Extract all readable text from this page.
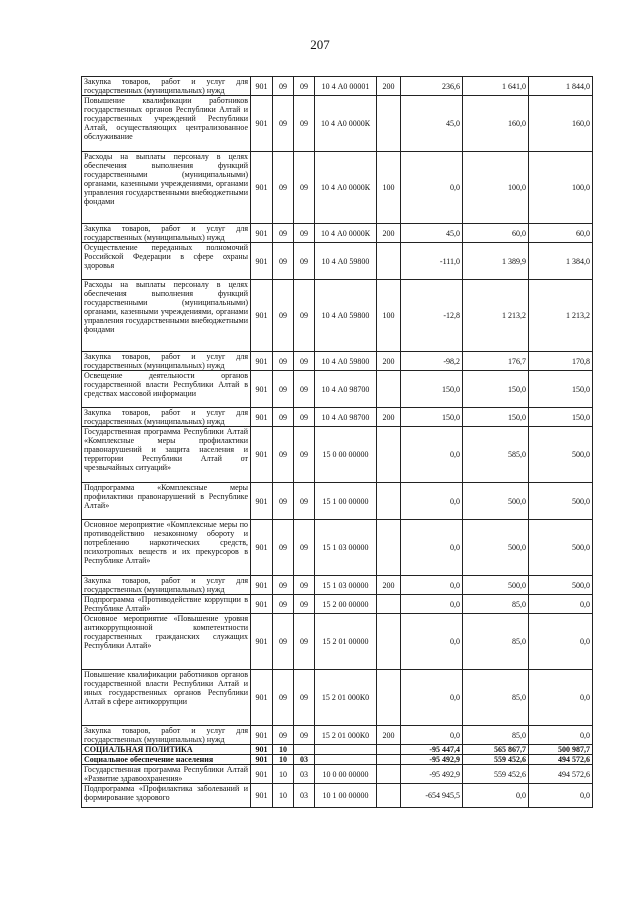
207
Закупка товаров, работ и услуг для государственных (муниципальных) нужд	901	09	09	10 4 А0 00001	200	236,6	1 641,0	1 844,0
Повышение квалификации работников государственных органов Республики Алтай и государственных учреждений Республики Алтай, осуществляющих централизованное обслуживание	901	09	09	10 4 А0 0000К		45,0	160,0	160,0
Расходы на выплаты персоналу в целях обеспечения выполнения функций государственными (муниципальными) органами, казенными учреждениями, органами управления государственными внебюджетными фондами	901	09	09	10 4 А0 0000К	100	0,0	100,0	100,0
Закупка товаров, работ и услуг для государственных (муниципальных) нужд	901	09	09	10 4 А0 0000К	200	45,0	60,0	60,0
Осуществление переданных полномочий Российской Федерации в сфере охраны здоровья	901	09	09	10 4 А0 59800		-111,0	1 389,9	1 384,0
Расходы на выплаты персоналу в целях обеспечения выполнения функций государственными (муниципальными) органами, казенными учреждениями, органами управления государственными внебюджетными фондами	901	09	09	10 4 А0 59800	100	-12,8	1 213,2	1 213,2
Закупка товаров, работ и услуг для государственных (муниципальных) нужд	901	09	09	10 4 А0 59800	200	-98,2	176,7	170,8
Освещение деятельности органов государственной власти Республики Алтай в средствах массовой информации	901	09	09	10 4 А0 98700		150,0	150,0	150,0
Закупка товаров, работ и услуг для государственных (муниципальных) нужд	901	09	09	10 4 А0 98700	200	150,0	150,0	150,0
Государственная программа Республики Алтай «Комплексные меры профилактики правонарушений и защита населения и территории Республики Алтай от чрезвычайных ситуаций»	901	09	09	15 0 00 00000		0,0	585,0	500,0
Подпрограмма «Комплексные меры профилактики правонарушений в Республике Алтай»	901	09	09	15 1 00 00000		0,0	500,0	500,0
Основное мероприятие «Комплексные меры по противодействию незаконному обороту и потреблению наркотических средств, психотропных веществ и их прекурсоров в Республике Алтай»	901	09	09	15 1 03 00000		0,0	500,0	500,0
Закупка товаров, работ и услуг для государственных (муниципальных) нужд	901	09	09	15 1 03 00000	200	0,0	500,0	500,0
Подпрограмма «Противодействие коррупции в Республике Алтай»	901	09	09	15 2 00 00000		0,0	85,0	0,0
Основное мероприятие «Повышение уровня антикоррупционной компетентности государственных гражданских служащих Республики Алтай»	901	09	09	15 2 01 00000		0,0	85,0	0,0
Повышение квалификации работников органов государственной власти Республики Алтай и иных государственных органов Республики Алтай в сфере антикоррупции	901	09	09	15 2 01 000К0		0,0	85,0	0,0
Закупка товаров, работ и услуг для государственных (муниципальных) нужд	901	09	09	15 2 01 000К0	200	0,0	85,0	0,0
СОЦИАЛЬНАЯ ПОЛИТИКА	901	10				-95 447,4	565 867,7	500 987,7
Социальное обеспечение населения	901	10	03			-95 492,9	559 452,6	494 572,6
Государственная программа Республики Алтай «Развитие здравоохранения»	901	10	03	10 0 00 00000		-95 492,9	559 452,6	494 572,6
Подпрограмма «Профилактика заболеваний и формирование здорового	901	10	03	10 1 00 00000		-654 945,5	0,0	0,0
